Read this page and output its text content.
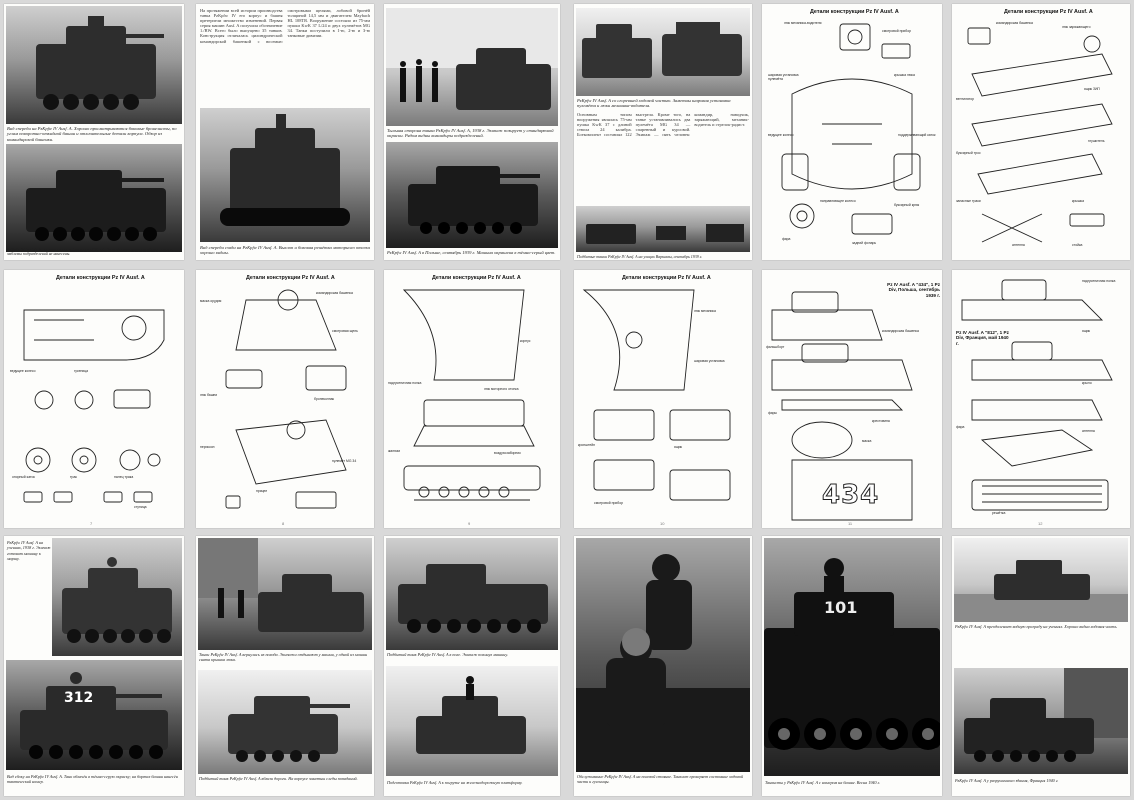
Вид спереди на PzKpfw IV Ausf. A. Хорошо просматриваются боковые бронелисты, по углам поворотно-откидной башни и отличительные детали корпуса. Обзор из командирской башенки.
PzKpfw IV Ausf. A, 7-я танковая рота, Германия 1938 год. Танк облачён в защитный серый окрас, эмблемы подразделений не нанесены.
На протяжении всей истории производства танка PzKpfw IV его корпус и башня претерпели множество изменений. Первая серия машин Ausf. A получила обозначение 1./BW. Всего было выпущено 35 танков. Конструкция отличалась цилиндрической командирской башенкой с восемью смотровыми щелями, лобовой бронёй толщиной 14,5 мм и двигателем Maybach HL 108TR. Вооружение состояло из 75-мм пушки KwK 37 L/24 и двух пулемётов MG 34. Танки поступили в 1-ю, 2-ю и 3-ю танковые дивизии.
Вид спереди сзади на PzKpfw IV Ausf. A. Выхлоп и боковая решётка моторного отсека хорошо видны.
Тыльная сторона танка PzKpfw IV Ausf. A, 1938 г. Экипаж позирует у стандартной окраски. Рядом видны командиры подразделений.
PzKpfw IV Ausf. A в Польше, сентябрь 1939 г. Машина окрашена в тёмно-серый цвет.
PzKpfw IV Ausf. A со сгоревшей ходовой частью. Заметны шаровая установка пулемёта и люки механика-водителя.
Основным типом вооружения являлась 75-мм пушка KwK 37 с длиной ствола 24 калибра. Боекомплект составлял 122 выстрела. Кроме того, на танке устанавливались два пулемёта MG 34 — спаренный и курсовой. Экипаж — пять человек: командир, наводчик, заряжающий, механик-водитель и стрелок-радист.
Подбитые танки PzKpfw IV Ausf. A на улицах Варшавы, сентябрь 1939 г.
Детали конструкции Pz IV Ausf. A
люк механика-водителя
смотровой прибор
шаровая установка пулемёта
крышка люка
ведущее колесо	поддерживающий каток
направляющее колесо
буксирный крюк
фара
задний фонарь
Детали конструкции Pz IV Ausf. A
командирская башенка
люк заряжающего
вентилятор
ящик ЗИП
буксирный трос
глушитель
запасные траки	крышка
антенна	стойка
Детали конструкции Pz IV Ausf. A
ведущее колесо	гусеница
опорный каток	трак	палец трака
ступица
7
Детали конструкции Pz IV Ausf. A
маска орудия
командирская башенка
смотровая щель
люк башни
бронеколпак
перископ
пулемёт MG 34
прицел
8
Детали конструкции Pz IV Ausf. A
корпус
надгусеничная полка
люк моторного отсека
жалюзи	воздухозаборник
9
Детали конструкции Pz IV Ausf. A
люк механика
шаровая установка
кронштейн	ящик
смотровой прибор
10
Pz IV Ausf. A "434", 1 Pz Div, Польша, сентябрь 1939 г.
434
фальшборт
командирская башенка
фары
крестовина
маска
11
Pz IV Ausf. A "812", 1 Pz Div, Франция, май 1940 г.
надгусеничная полка
ящик
крыло
фара
антенна
решётка
12
PzKpfw IV Ausf. A на учениях, 1938 г. Экипаж готовит машину к маршу.
312
Вид сбоку на PzKpfw IV Ausf. A. Танк облачён в тёмно-серую окраску; на бортах башни нанесён тактический номер.
Танки PzKpfw IV Ausf. A вернулись из похода. Экипажи отдыхают у машин, у одной из машин снята крышка люка.
Подбитый танк PzKpfw IV Ausf. A вблизи дороги. На корпусе заметны следы попаданий.
Подбитый танк PzKpfw IV Ausf. A в поле. Экипаж покинул машину.
Подготовка PzKpfw IV Ausf. A к погрузке на железнодорожную платформу.
Обслуживание PzKpfw IV Ausf. A на полевой стоянке. Танкист проверяет состояние ходовой части и гусеницы.
101
Танкисты у PzKpfw IV Ausf. A с номером на башне. Весна 1940 г.
PzKpfw IV Ausf. A преодолевает водную преграду на учениях. Хорошо видна ходовая часть.
PzKpfw IV Ausf. A у разрушенного здания, Франция 1940 г.
